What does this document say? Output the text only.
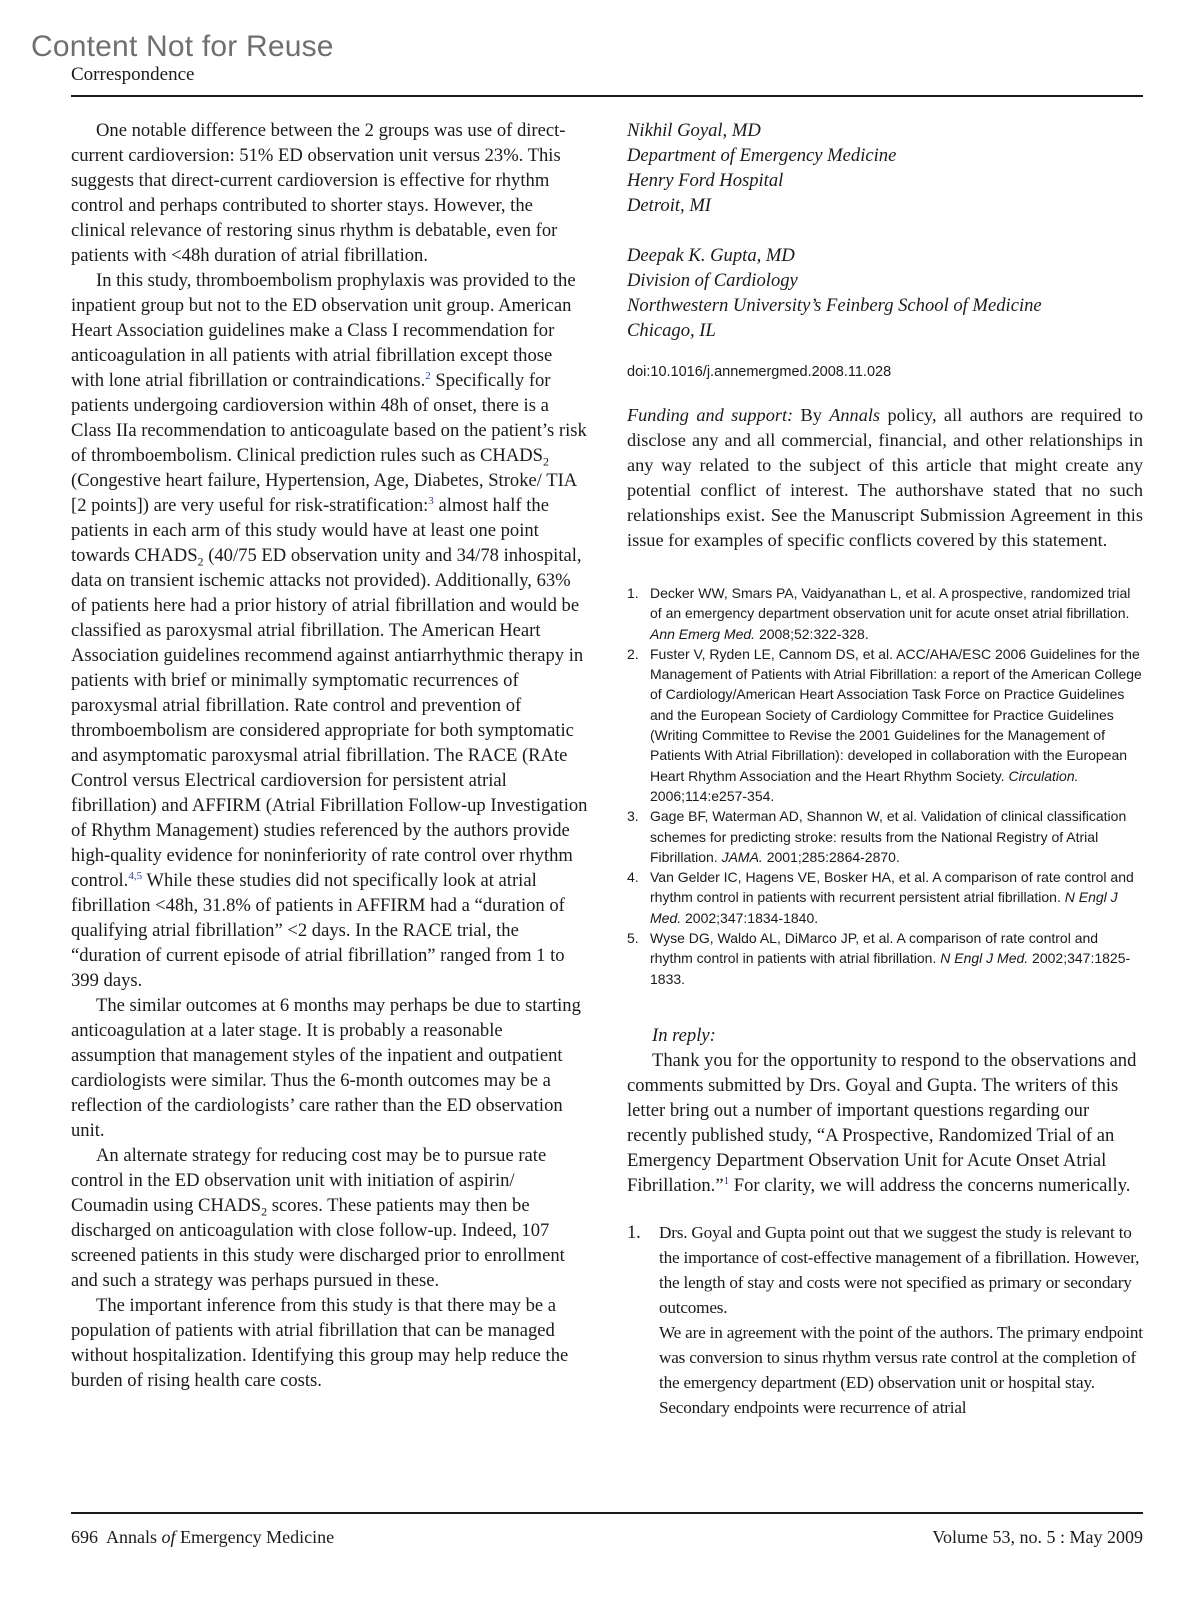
Content Not for Reuse
Correspondence

One notable difference between the 2 groups was use of direct-current cardioversion: 51% ED observation unit versus 23%. This suggests that direct-current cardioversion is effective for rhythm control and perhaps contributed to shorter stays. However, the clinical relevance of restoring sinus rhythm is debatable, even for patients with <48h duration of atrial fibrillation.

In this study, thromboembolism prophylaxis was provided to the inpatient group but not to the ED observation unit group. American Heart Association guidelines make a Class I recommendation for anticoagulation in all patients with atrial fibrillation except those with lone atrial fibrillation or contraindications.$^2$ Specifically for patients undergoing cardioversion within 48h of onset, there is a Class IIa recommendation to anticoagulate based on the patient’s risk of thromboembolism. Clinical prediction rules such as $CHADS_2$ (Congestive heart failure, Hypertension, Age, Diabetes, Stroke/ TIA [2 points]) are very useful for risk-stratification:$^3$ almost half the patients in each arm of this study would have at least one point towards $CHADS_2$ (40/75 ED observation unity and 34/78 inhospital, data on transient ischemic attacks not provided). Additionally, 63% of patients here had a prior history of atrial fibrillation and would be classified as paroxysmal atrial fibrillation. The American Heart Association guidelines recommend against antiarrhythmic therapy in patients with brief or minimally symptomatic recurrences of paroxysmal atrial fibrillation. Rate control and prevention of thromboembolism are considered appropriate for both symptomatic and asymptomatic paroxysmal atrial fibrillation. The RACE (RAte Control versus Electrical cardioversion for persistent atrial fibrillation) and AFFIRM (Atrial Fibrillation Follow-up Investigation of Rhythm Management) studies referenced by the authors provide high-quality evidence for noninferiority of rate control over rhythm control.$^{4,5}$ While these studies did not specifically look at atrial fibrillation <48h, 31.8% of patients in AFFIRM had a “duration of qualifying atrial fibrillation” <2 days. In the RACE trial, the “duration of current episode of atrial fibrillation” ranged from 1 to 399 days.

The similar outcomes at 6 months may perhaps be due to starting anticoagulation at a later stage. It is probably a reasonable assumption that management styles of the inpatient and outpatient cardiologists were similar. Thus the 6-month outcomes may be a reflection of the cardiologists’ care rather than the ED observation unit.

An alternate strategy for reducing cost may be to pursue rate control in the ED observation unit with initiation of aspirin/ Coumadin using $CHADS_2$ scores. These patients may then be discharged on anticoagulation with close follow-up. Indeed, 107 screened patients in this study were discharged prior to enrollment and such a strategy was perhaps pursued in these.

The important inference from this study is that there may be a population of patients with atrial fibrillation that can be managed without hospitalization. Identifying this group may help reduce the burden of rising health care costs.

Nikhil Goyal, MD
Department of Emergency Medicine
Henry Ford Hospital
Detroit, MI
Deepak K. Gupta, MD
Division of Cardiology
Northwestern University’s Feinberg School of Medicine
Chicago, IL
doi:10.1016/j.annemergmed.2008.11.028

Funding and support: By Annals policy, all authors are required to disclose any and all commercial, financial, and other relationships in any way related to the subject of this article that might create any potential conflict of interest. The authorshave stated that no such relationships exist. See the Manuscript Submission Agreement in this issue for examples of specific conflicts covered by this statement.

1. Decker WW, Smars PA, Vaidyanathan L, et al. A prospective, randomized trial of an emergency department observation unit for acute onset atrial fibrillation. Ann Emerg Med. 2008;52:322-328.
2. Fuster V, Ryden LE, Cannom DS, et al. ACC/AHA/ESC 2006 Guidelines for the Management of Patients with Atrial Fibrillation: a report of the American College of Cardiology/American Heart Association Task Force on Practice Guidelines and the European Society of Cardiology Committee for Practice Guidelines (Writing Committee to Revise the 2001 Guidelines for the Management of Patients With Atrial Fibrillation): developed in collaboration with the European Heart Rhythm Association and the Heart Rhythm Society. Circulation. 2006;114:e257-354.
3. Gage BF, Waterman AD, Shannon W, et al. Validation of clinical classification schemes for predicting stroke: results from the National Registry of Atrial Fibrillation. JAMA. 2001;285:2864-2870.
4. Van Gelder IC, Hagens VE, Bosker HA, et al. A comparison of rate control and rhythm control in patients with recurrent persistent atrial fibrillation. N Engl J Med. 2002;347:1834-1840.
5. Wyse DG, Waldo AL, DiMarco JP, et al. A comparison of rate control and rhythm control in patients with atrial fibrillation. N Engl J Med. 2002;347:1825-1833.
In reply:

Thank you for the opportunity to respond to the observations and comments submitted by Drs. Goyal and Gupta. The writers of this letter bring out a number of important questions regarding our recently published study, “A Prospective, Randomized Trial of an Emergency Department Observation Unit for Acute Onset Atrial Fibrillation.”$^1$ For clarity, we will address the concerns numerically.

1. Drs. Goyal and Gupta point out that we suggest the study is relevant to the importance of cost-effective management of a fibrillation. However, the length of stay and costs were not specified as primary or secondary outcomes.

We are in agreement with the point of the authors. The primary endpoint was conversion to sinus rhythm versus rate control at the completion of the emergency department (ED) observation unit or hospital stay. Secondary endpoints were recurrence of atrial

696 Annals of Emergency Medicine	Volume 53, no. 5 : May 2009
